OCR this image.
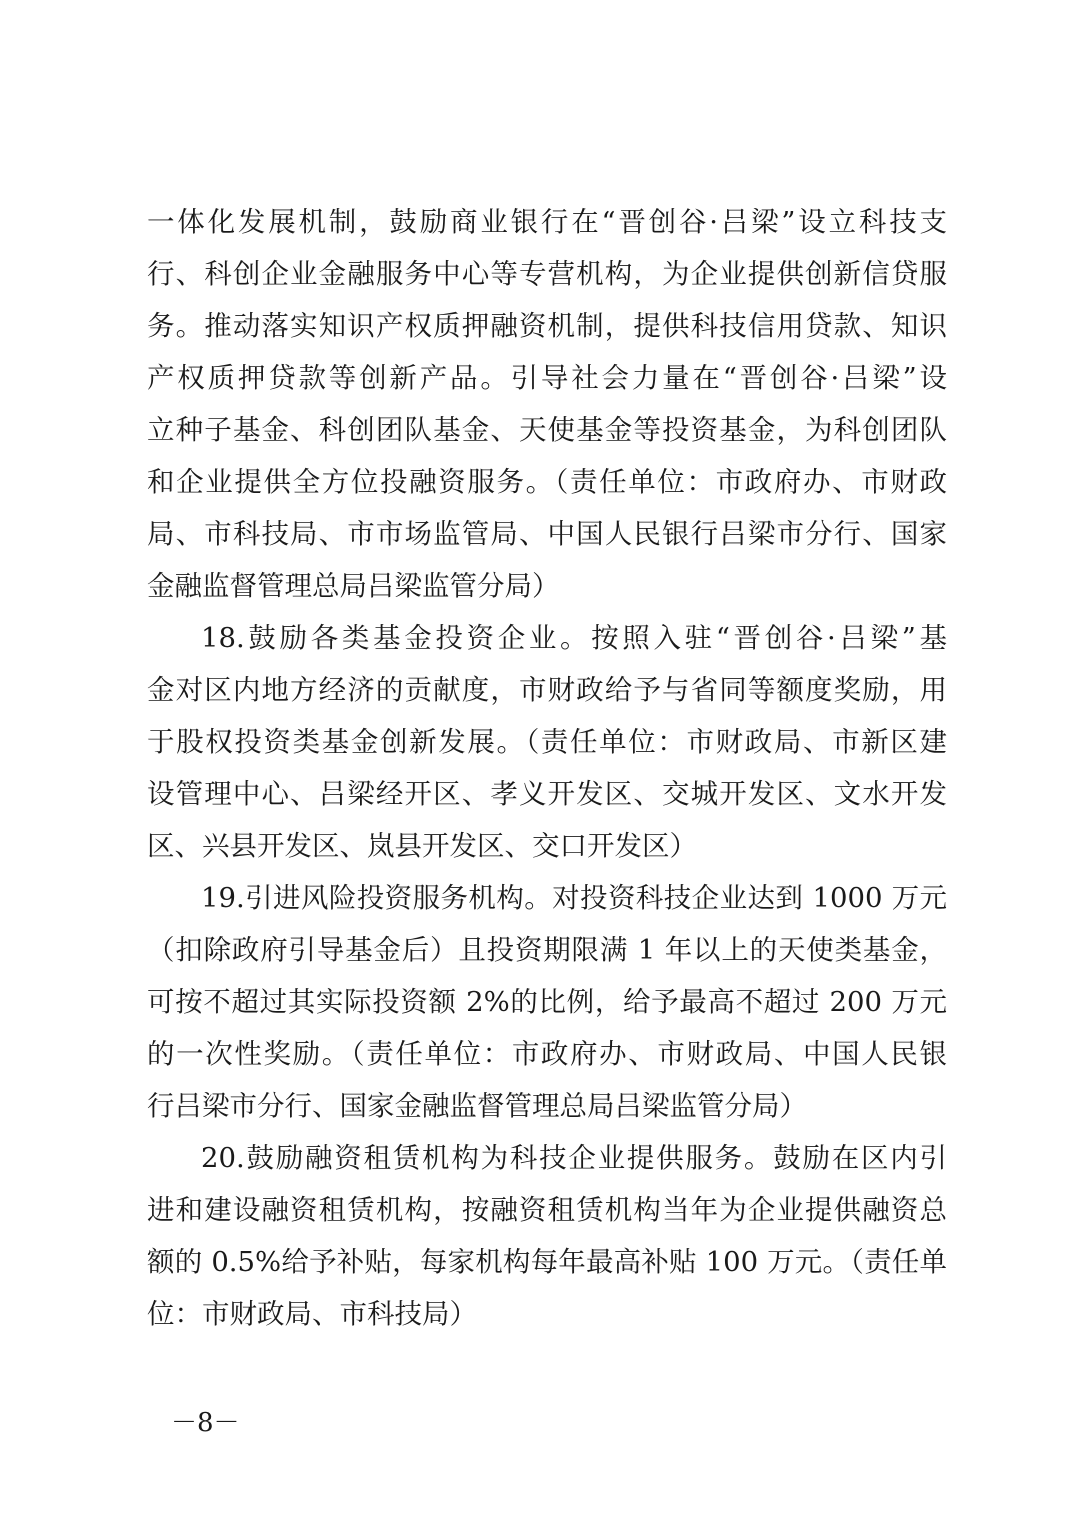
一体化发展机制，鼓励商业银行在“晋创谷·吕梁”设立科技支
行、科创企业金融服务中心等专营机构，为企业提供创新信贷服
务。推动落实知识产权质押融资机制，提供科技信用贷款、知识
产权质押贷款等创新产品。引导社会力量在“晋创谷·吕梁”设
立种子基金、科创团队基金、天使基金等投资基金，为科创团队
和企业提供全方位投融资服务。（责任单位：市政府办、市财政
局、市科技局、市市场监管局、中国人民银行吕梁市分行、国家
金融监督管理总局吕梁监管分局）
18.鼓励各类基金投资企业。按照入驻“晋创谷·吕梁”基
金对区内地方经济的贡献度，市财政给予与省同等额度奖励，用
于股权投资类基金创新发展。（责任单位：市财政局、市新区建
设管理中心、吕梁经开区、孝义开发区、交城开发区、文水开发
区、兴县开发区、岚县开发区、交口开发区）
19.引进风险投资服务机构。对投资科技企业达到 1000 万元
（扣除政府引导基金后）且投资期限满 1 年以上的天使类基金，
可按不超过其实际投资额 2%的比例，给予最高不超过 200 万元
的一次性奖励。（责任单位：市政府办、市财政局、中国人民银
行吕梁市分行、国家金融监督管理总局吕梁监管分局）
20.鼓励融资租赁机构为科技企业提供服务。鼓励在区内引
进和建设融资租赁机构，按融资租赁机构当年为企业提供融资总
额的 0.5%给予补贴，每家机构每年最高补贴 100 万元。（责任单
位：市财政局、市科技局）
－8－
